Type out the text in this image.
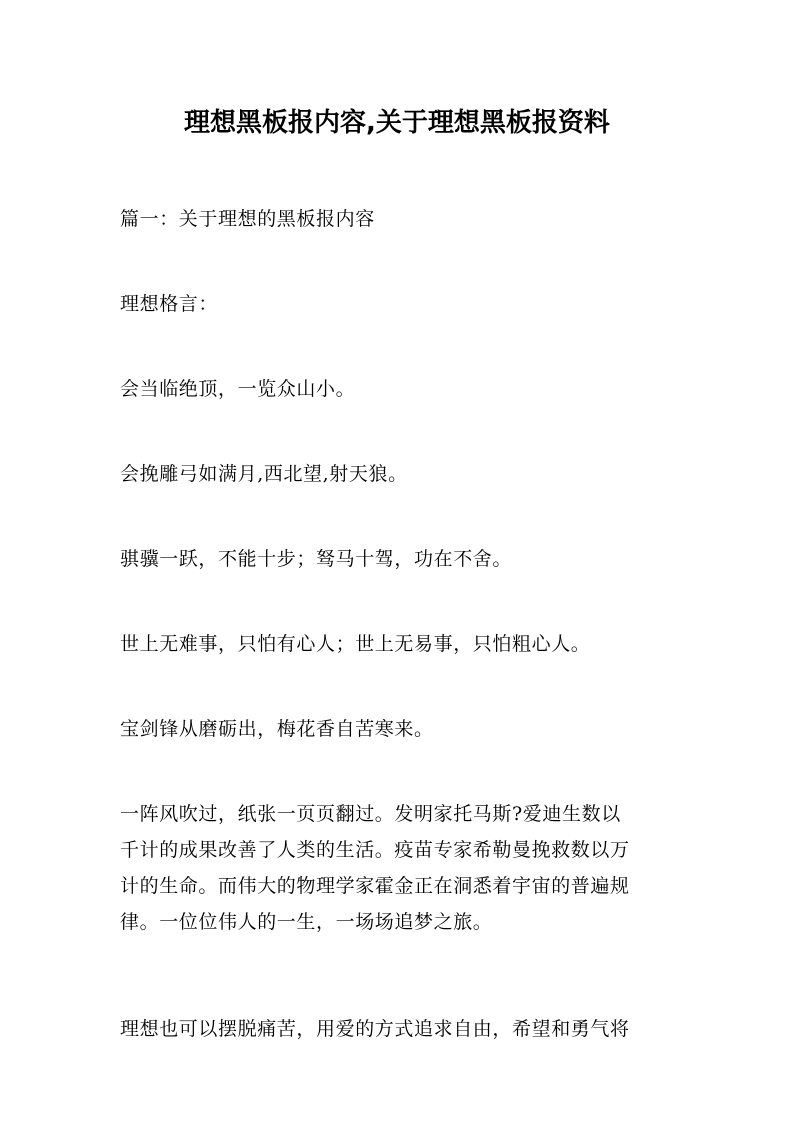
理想黑板报内容,关于理想黑板报资料

篇一：关于理想的黑板报内容

理想格言：

会当临绝顶，一览众山小。

会挽雕弓如满月,西北望,射天狼。

骐骥一跃，不能十步；驽马十驾，功在不舍。

世上无难事，只怕有心人；世上无易事，只怕粗心人。

宝剑锋从磨砺出，梅花香自苦寒来。

一阵风吹过，纸张一页页翻过。发明家托马斯?爱迪生数以
千计的成果改善了人类的生活。疫苗专家希勒曼挽救数以万
计的生命。而伟大的物理学家霍金正在洞悉着宇宙的普遍规
律。一位位伟人的一生，一场场追梦之旅。

理想也可以摆脱痛苦，用爱的方式追求自由，希望和勇气将
